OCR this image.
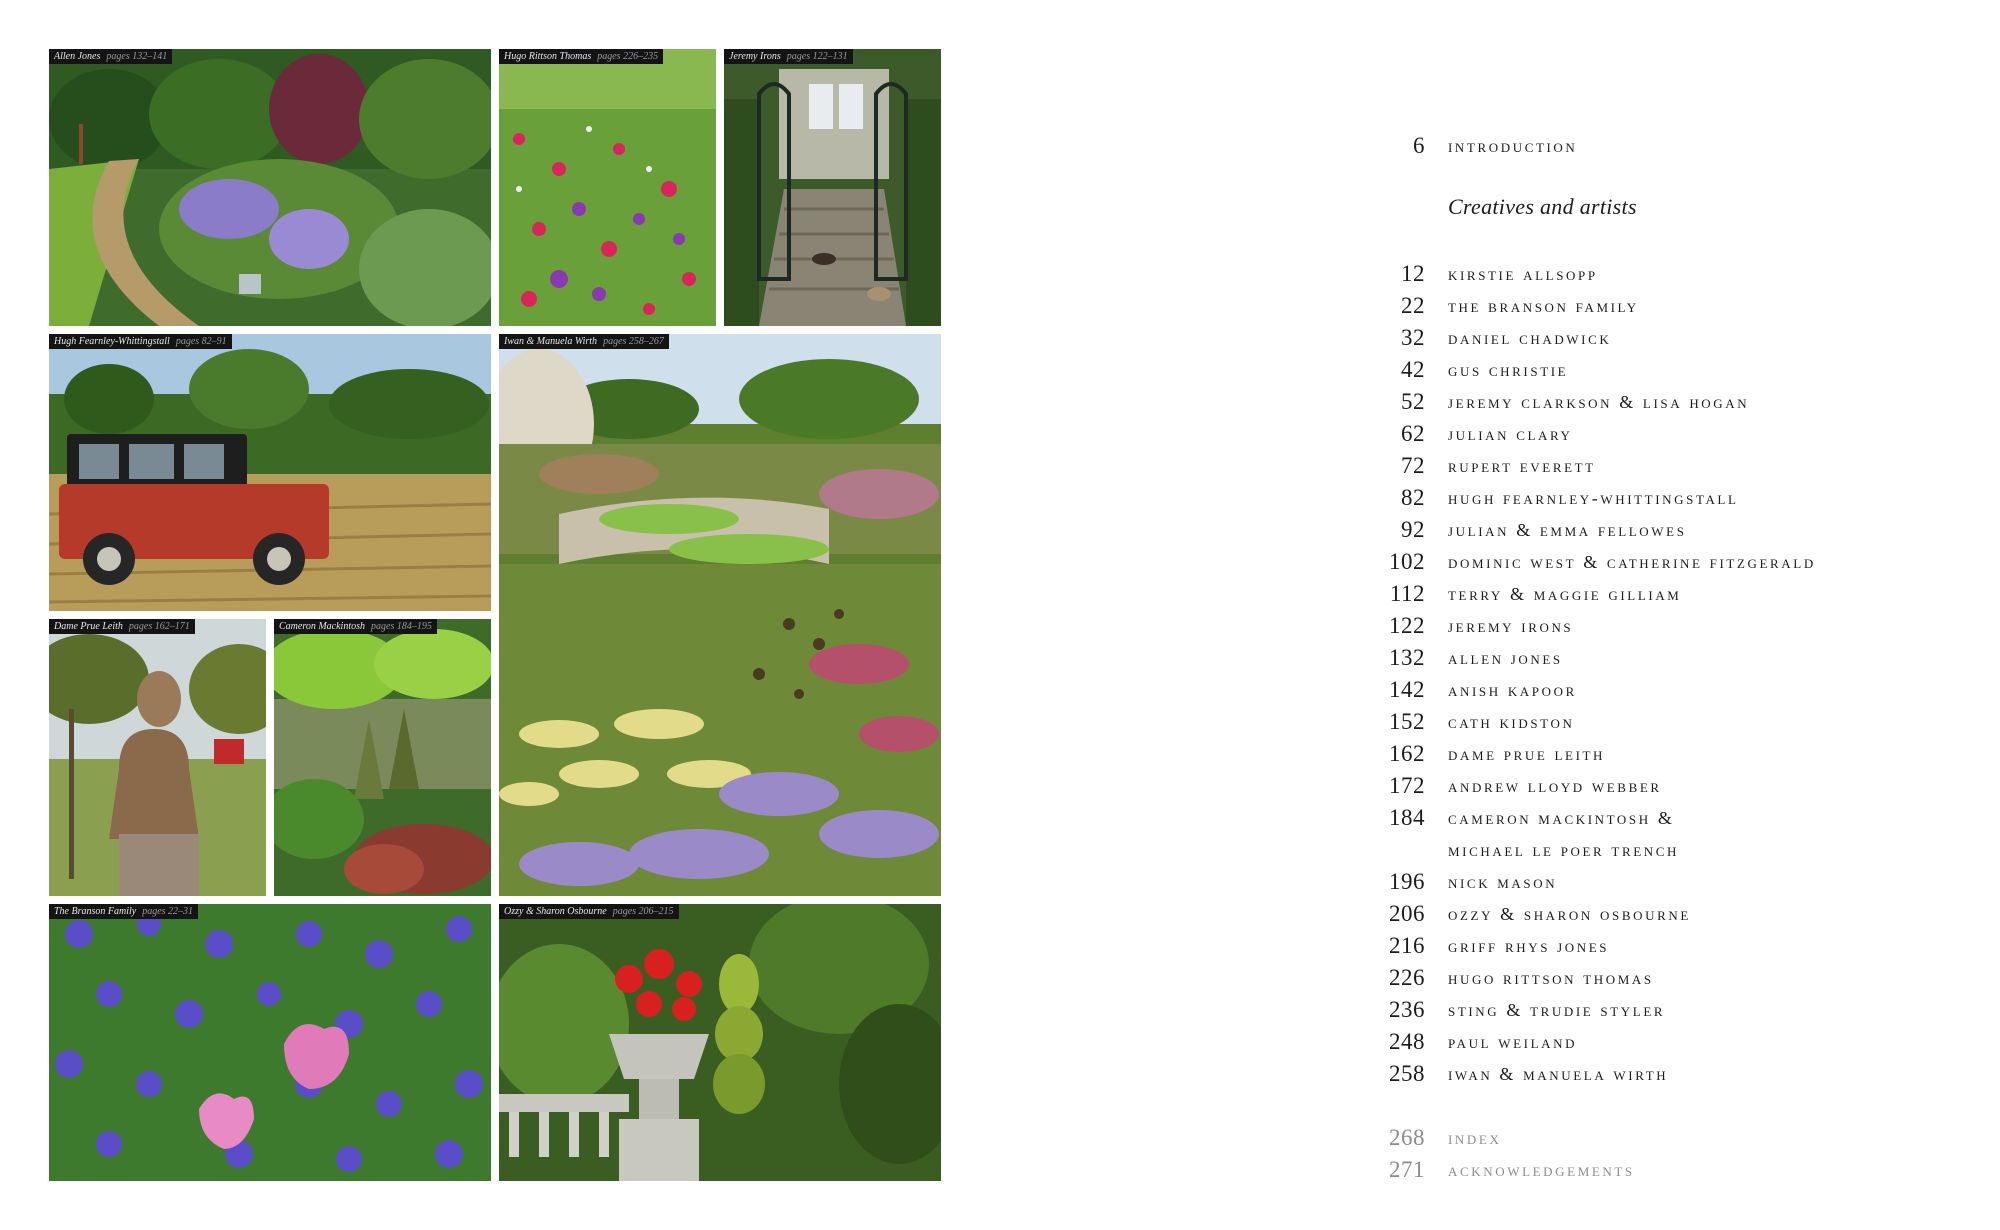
Allen Jones pages 132–141	Hugo Rittson Thomas pages 226–235	Jeremy Irons pages 122–131
Hugh Fearnley-Whittingstall pages 82–91	Iwan & Manuela Wirth pages 258–267
Dame Prue Leith pages 162–171	Cameron Mackintosh pages 184–195
The Branson Family pages 22–31	Ozzy & Sharon Osbourne pages 206–215
6 introduction
Creatives and artists
12 kirstie allsopp
22 the branson family
32 daniel chadwick
42 gus christie
52 jeremy clarkson & lisa hogan
62 julian clary
72 rupert everett
82 hugh fearnley-whittingstall
92 julian & emma fellowes
102 dominic west & catherine fitzgerald
112 terry & maggie gilliam
122 jeremy irons
132 allen jones
142 anish kapoor
152 cath kidston
162 dame prue leith
172 andrew lloyd webber
184 cameron mackintosh &
michael le poer trench
196 nick mason
206 ozzy & sharon osbourne
216 griff rhys jones
226 hugo rittson thomas
236 sting & trudie styler
248 paul weiland
258 iwan & manuela wirth
268 index
271 acknowledgements
